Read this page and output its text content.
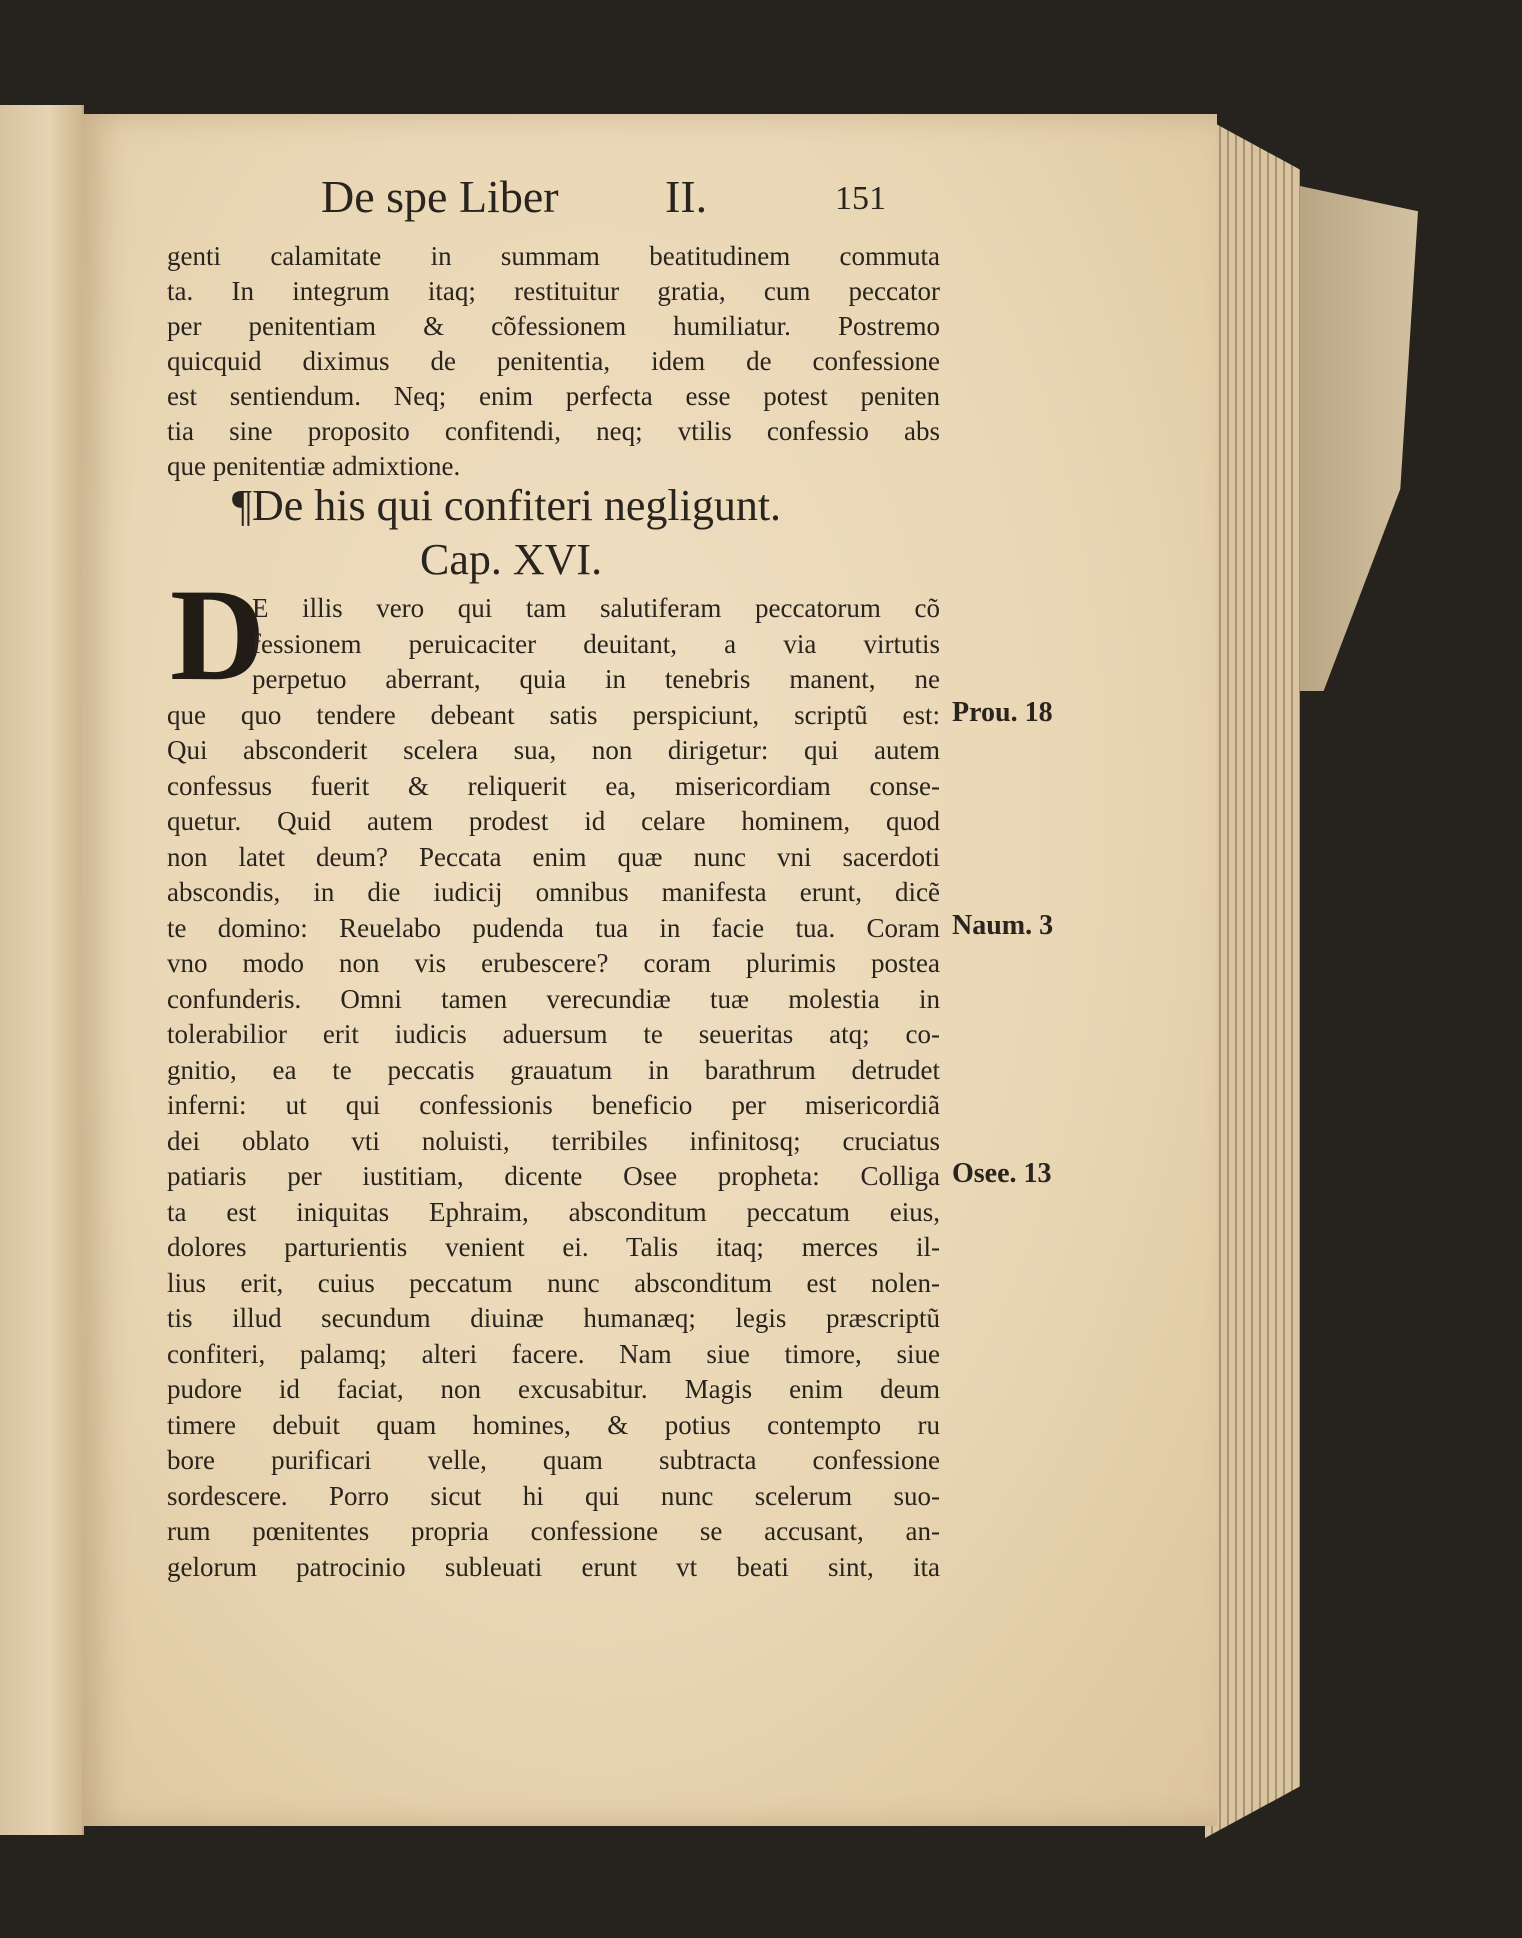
De spe Liber II.	151
¶De his qui confiteri negligunt.
Cap. XVI.
D
genti calamitate in summam beatitudinem commuta
ta. In integrum itaq; restituitur gratia, cum peccator
per penitentiam & cõfessionem humiliatur. Postremo
quicquid diximus de penitentia, idem de confessione
est sentiendum. Neq; enim perfecta esse potest peniten
tia sine proposito confitendi, neq; vtilis confessio abs
que penitentiæ admixtione.
E illis vero qui tam salutiferam peccatorum cõ
fessionem peruicaciter deuitant, a via virtutis
perpetuo aberrant, quia in tenebris manent, ne
que quo tendere debeant satis perspiciunt, scriptũ est:
Qui absconderit scelera sua, non dirigetur: qui autem
confessus fuerit & reliquerit ea, misericordiam conse-
quetur. Quid autem prodest id celare hominem, quod
non latet deum? Peccata enim quæ nunc vni sacerdoti
abscondis, in die iudicij omnibus manifesta erunt, dicẽ
te domino: Reuelabo pudenda tua in facie tua. Coram
vno modo non vis erubescere? coram plurimis postea
confunderis. Omni tamen verecundiæ tuæ molestia in
tolerabilior erit iudicis aduersum te seueritas atq; co-
gnitio, ea te peccatis grauatum in barathrum detrudet
inferni: ut qui confessionis beneficio per misericordiã
dei oblato vti noluisti, terribiles infinitosq; cruciatus
patiaris per iustitiam, dicente Osee propheta: Colliga
ta est iniquitas Ephraim, absconditum peccatum eius,
dolores parturientis venient ei. Talis itaq; merces il-
lius erit, cuius peccatum nunc absconditum est nolen-
tis illud secundum diuinæ humanæq; legis præscriptũ
confiteri, palamq; alteri facere. Nam siue timore, siue
pudore id faciat, non excusabitur. Magis enim deum
timere debuit quam homines, & potius contempto ru
bore purificari velle, quam subtracta confessione
sordescere. Porro sicut hi qui nunc scelerum suo-
rum pœnitentes propria confessione se accusant, an-
gelorum patrocinio subleuati erunt vt beati sint, ita
Prou. 18
Naum. 3
Osee. 13
